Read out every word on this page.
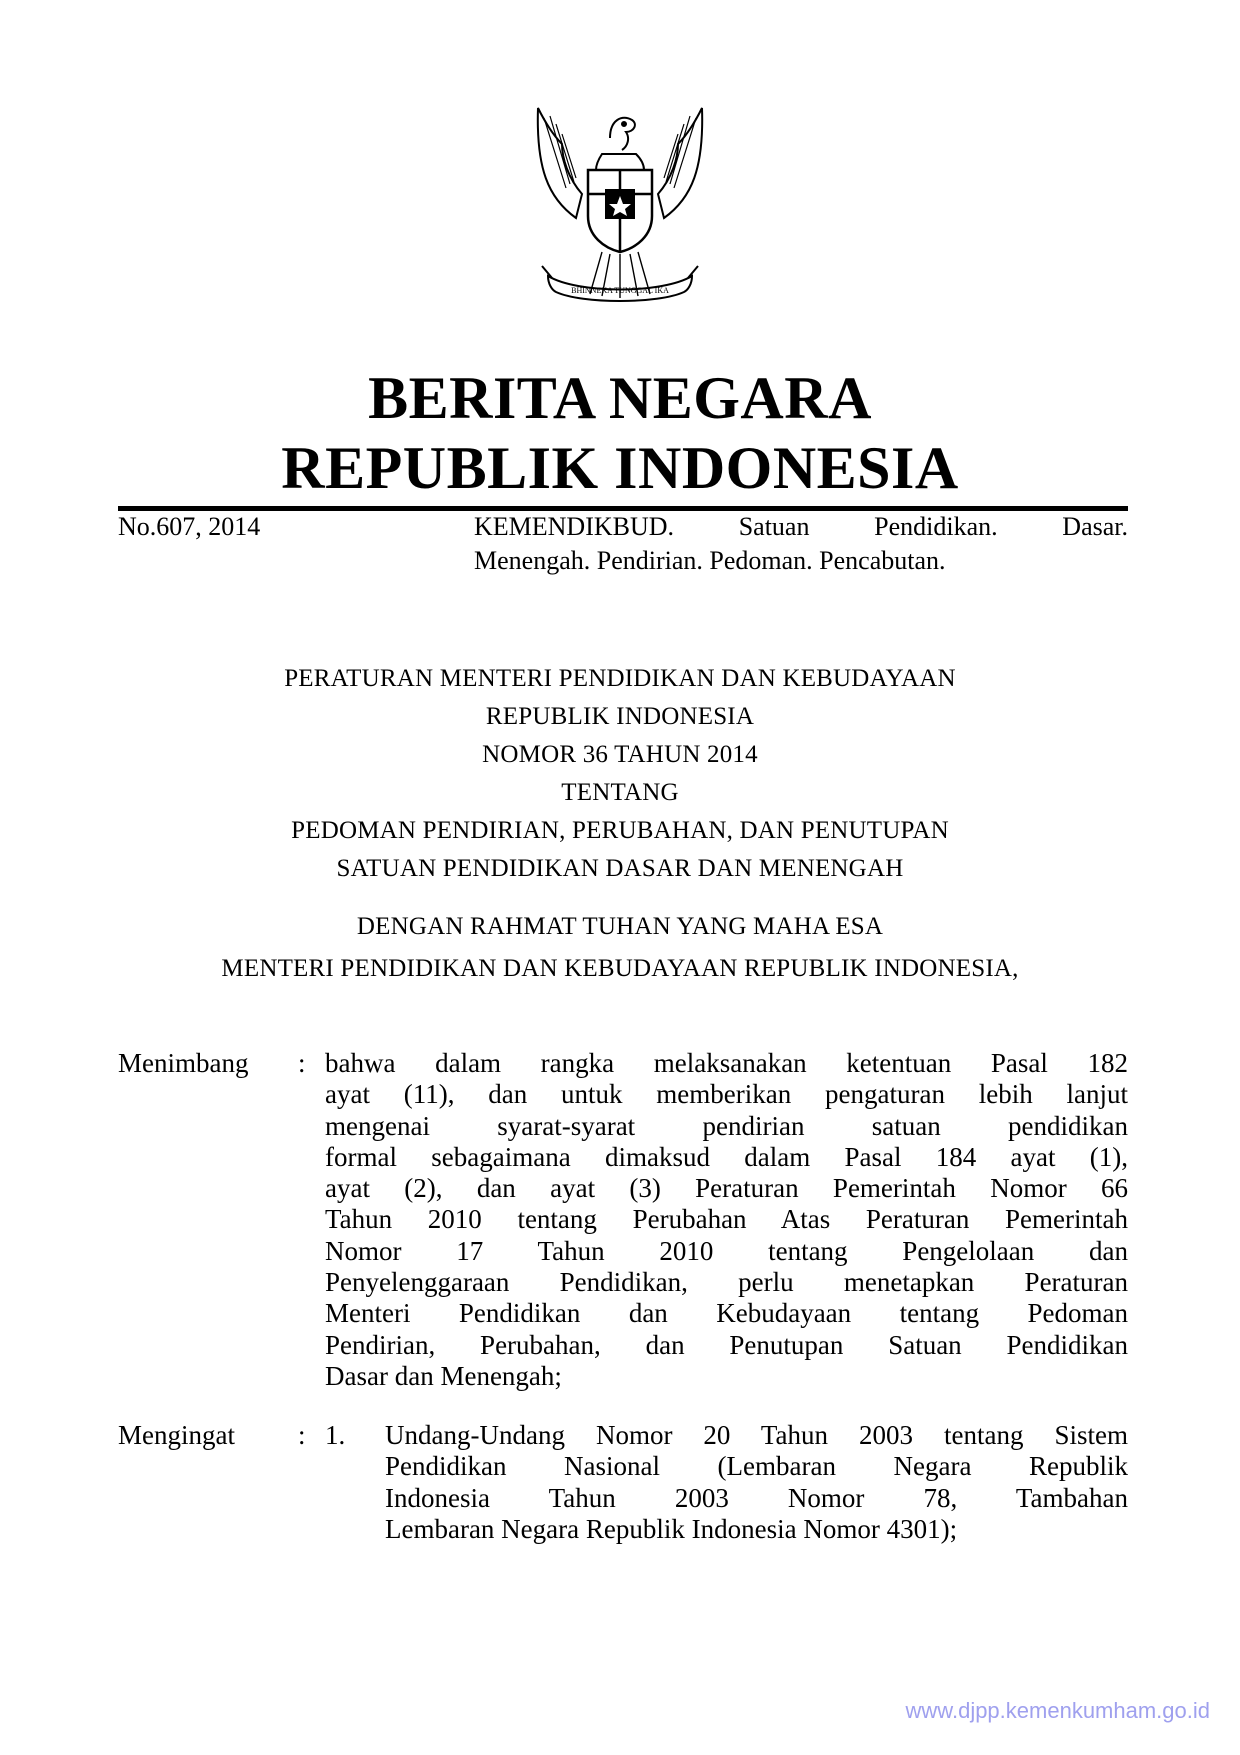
BHINNEKA TUNGGAL IKA
BERITA NEGARA
REPUBLIK INDONESIA
No.607, 2014	KEMENDIKBUD. Satuan Pendidikan. Dasar.
Menengah. Pendirian. Pedoman. Pencabutan.
PERATURAN MENTERI PENDIDIKAN DAN KEBUDAYAAN
REPUBLIK INDONESIA
NOMOR 36 TAHUN 2014
TENTANG
PEDOMAN PENDIRIAN, PERUBAHAN, DAN PENUTUPAN
SATUAN PENDIDIKAN DASAR DAN MENENGAH
DENGAN RAHMAT TUHAN YANG MAHA ESA
MENTERI PENDIDIKAN DAN KEBUDAYAAN REPUBLIK INDONESIA,
Menimbang : bahwa dalam rangka melaksanakan ketentuan Pasal 182
ayat (11), dan untuk memberikan pengaturan lebih lanjut
mengenai syarat-syarat pendirian satuan pendidikan
formal sebagaimana dimaksud dalam Pasal 184 ayat (1),
ayat (2), dan ayat (3) Peraturan Pemerintah Nomor 66
Tahun 2010 tentang Perubahan Atas Peraturan Pemerintah
Nomor 17 Tahun 2010 tentang Pengelolaan dan
Penyelenggaraan Pendidikan, perlu menetapkan Peraturan
Menteri Pendidikan dan Kebudayaan tentang Pedoman
Pendirian, Perubahan, dan Penutupan Satuan Pendidikan
Dasar dan Menengah;
Mengingat : 1. Undang-Undang Nomor 20 Tahun 2003 tentang Sistem
Pendidikan Nasional (Lembaran Negara Republik
Indonesia Tahun 2003 Nomor 78, Tambahan
Lembaran Negara Republik Indonesia Nomor 4301);
www.djpp.kemenkumham.go.id
